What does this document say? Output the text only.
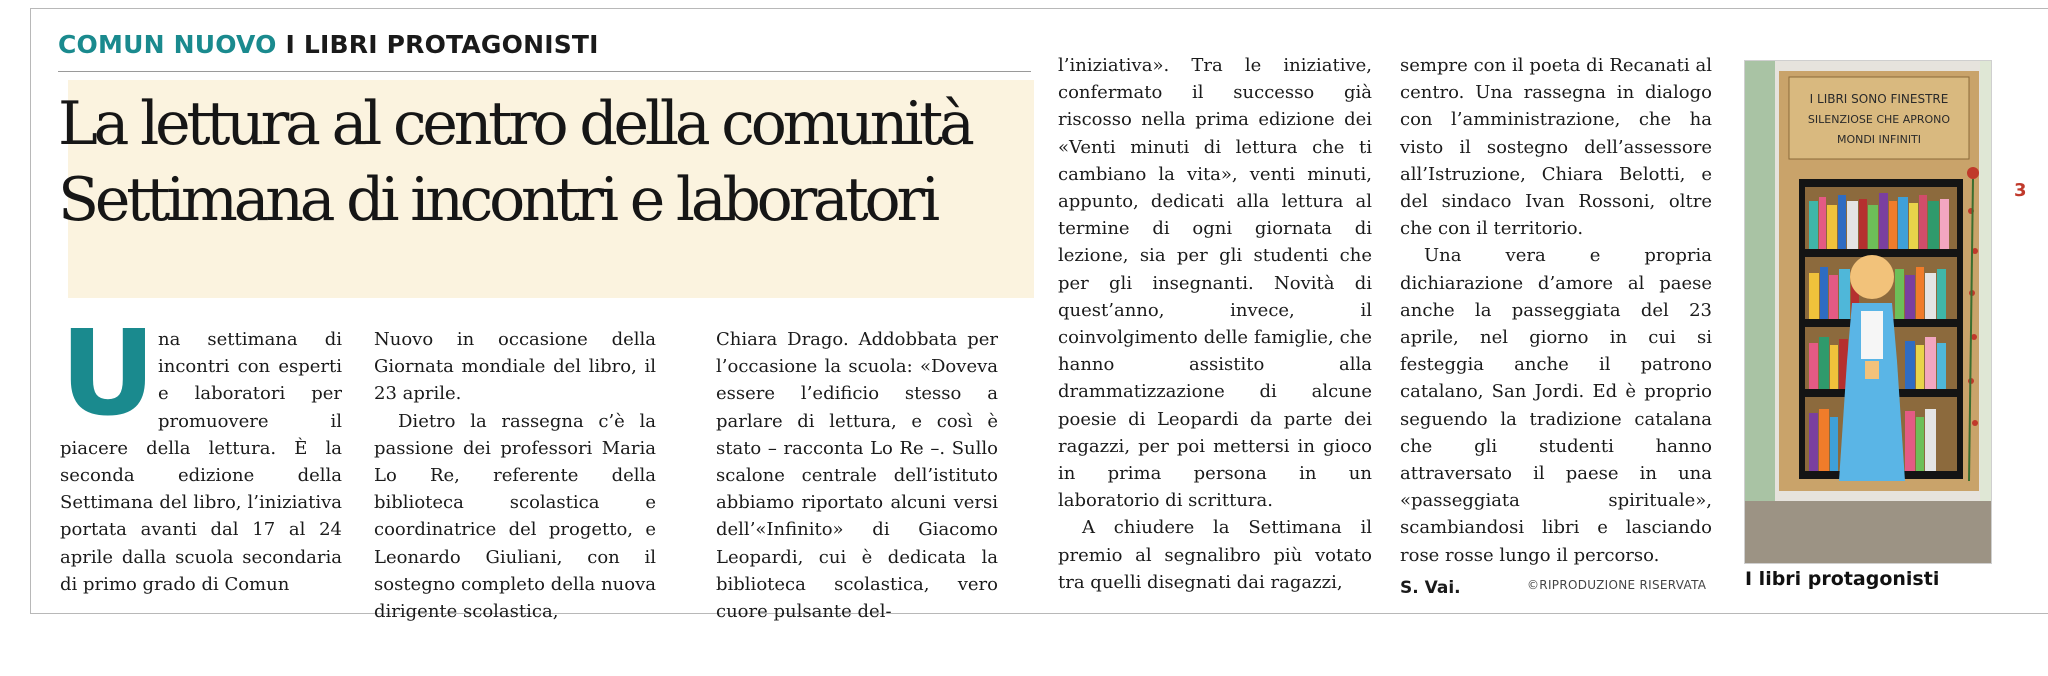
COMUN NUOVO I LIBRI PROTAGONISTI
La lettura al centro della comunità
Settimana di incontri e laboratori

U na settimana di incontri con esperti e laboratori per promuovere il piacere della lettura. È la seconda edizione della Settimana del libro, l’iniziativa portata avanti dal 17 al 24 aprile dalla scuola secondaria di primo grado di Comun

Nuovo in occasione della Giornata mondiale del libro, il 23 aprile.

Dietro la rassegna c’è la passione dei professori Maria Lo Re, referente della biblioteca scolastica e coordinatrice del progetto, e Leonardo Giuliani, con il sostegno completo della nuova dirigente scolastica,

Chiara Drago. Addobbata per l’occasione la scuola: «Doveva essere l’edificio stesso a parlare di lettura, e così è stato – racconta Lo Re –. Sullo scalone centrale dell’istituto abbiamo riportato alcuni versi dell’«Infinito» di Giacomo Leopardi, cui è dedicata la biblioteca scolastica, vero cuore pulsante del-

l’iniziativa». Tra le iniziative, confermato il successo già riscosso nella prima edizione dei «Venti minuti di lettura che ti cambiano la vita», venti minuti, appunto, dedicati alla lettura al termine di ogni giornata di lezione, sia per gli studenti che per gli insegnanti. Novità di quest’anno, invece, il coinvolgimento delle famiglie, che hanno assistito alla drammatizzazione di alcune poesie di Leopardi da parte dei ragazzi, per poi mettersi in gioco in prima persona in un laboratorio di scrittura.

A chiudere la Settimana il premio al segnalibro più votato tra quelli disegnati dai ragazzi,

sempre con il poeta di Recanati al centro. Una rassegna in dialogo con l’amministrazione, che ha visto il sostegno dell’assessore all’Istruzione, Chiara Belotti, e del sindaco Ivan Rossoni, oltre che con il territorio.

Una vera e propria dichiarazione d’amore al paese anche la passeggiata del 23 aprile, nel giorno in cui si festeggia anche il patrono catalano, San Jordi. Ed è proprio seguendo la tradizione catalana che gli studenti hanno attraversato il paese in una «passeggiata spirituale», scambiandosi libri e lasciando rose rosse lungo il percorso.

S. Vai.	©RIPRODUZIONE RISERVATA
I LIBRI SONO FINESTRE
SILENZIOSE CHE APRONO
MONDI INFINITI
I libri protagonisti
3
